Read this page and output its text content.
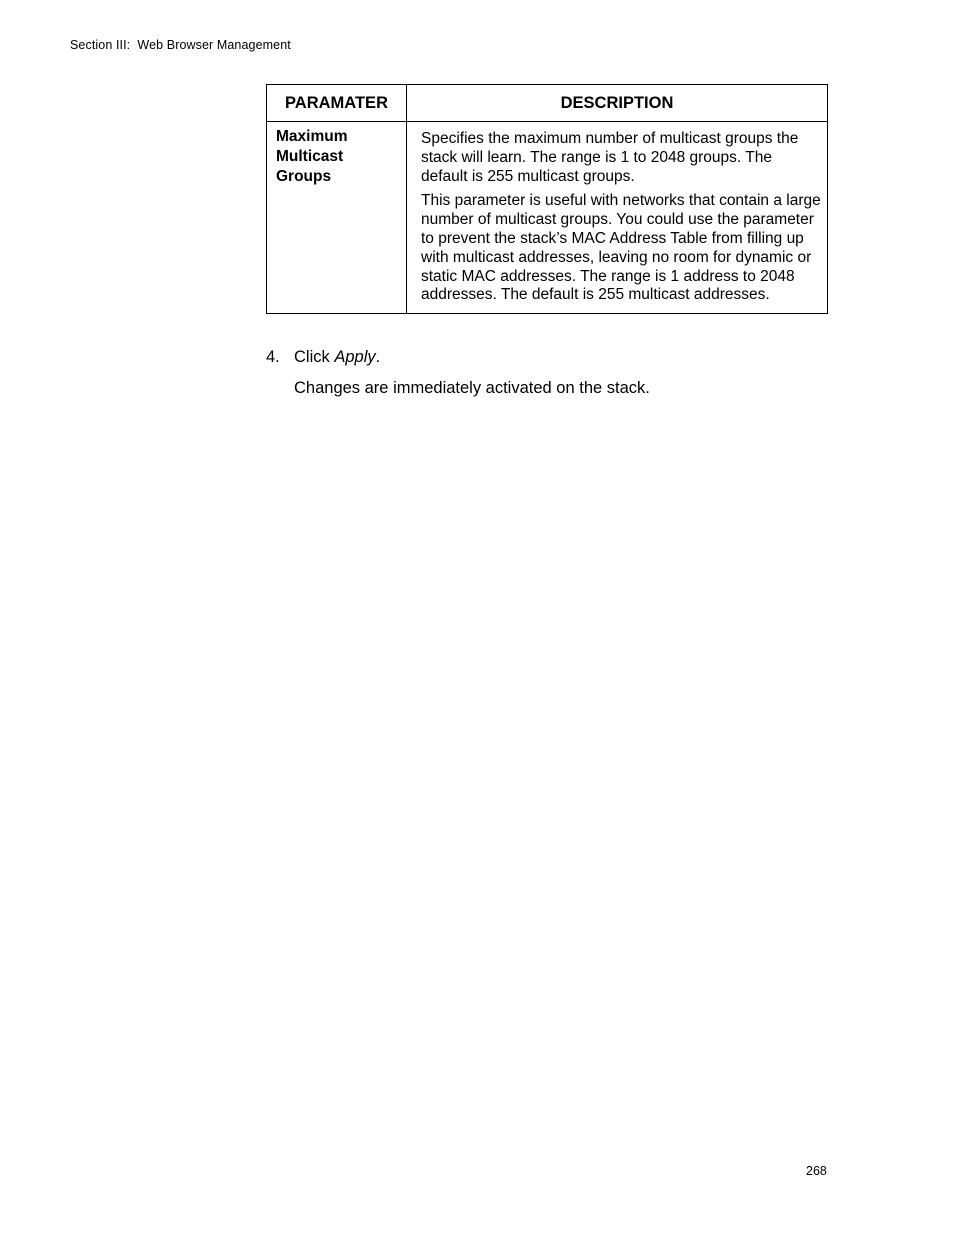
Section III:  Web Browser Management
PARAMATER	DESCRIPTION
Maximum Multicast Groups	Specifies the maximum number of multicast groups the stack will learn. The range is 1 to 2048 groups. The default is 255 multicast groups.

This parameter is useful with networks that contain a large number of multicast groups. You could use the parameter to prevent the stack’s MAC Address Table from filling up with multicast addresses, leaving no room for dynamic or static MAC addresses. The range is 1 address to 2048 addresses. The default is 255 multicast addresses.

4. Click Apply.
Changes are immediately activated on the stack.
268
